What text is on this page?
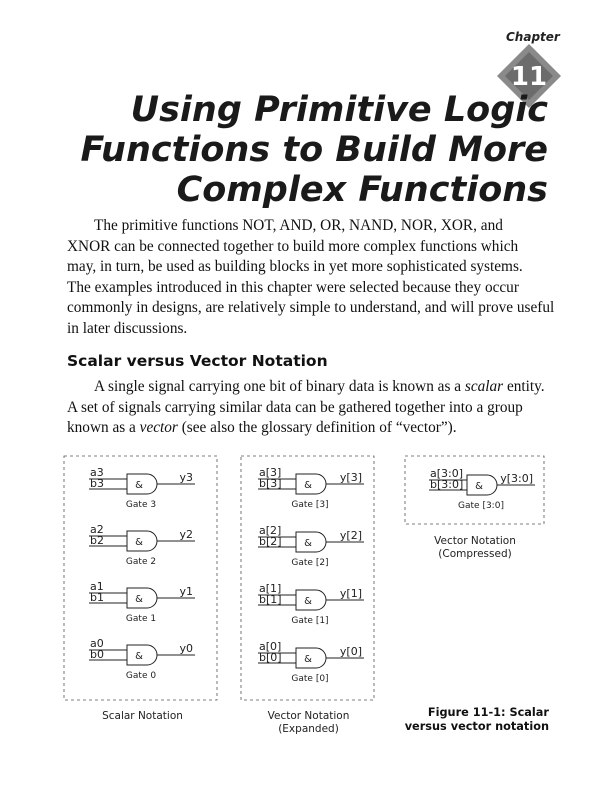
Chapter
11
Using Primitive Logic
Functions to Build More
Complex Functions
The primitive functions NOT, AND, OR, NAND, NOR, XOR, and
XNOR can be connected together to build more complex functions which
may, in turn, be used as building blocks in yet more sophisticated systems.
The examples introduced in this chapter were selected because they occur
commonly in designs, are relatively simple to understand, and will prove useful
in later discussions.
Scalar versus Vector Notation
A single signal carrying one bit of binary data is known as a scalar entity.
A set of signals carrying similar data can be gathered together into a group
known as a vector (see also the glossary definition of “vector”).
&
a3
b3	y3
Gate 3
&
a2
b2	y2
Gate 2
&
a1
b1	y1
Gate 1
&
a0
b0	y0
Gate 0
&
a[3]
b[3]	y[3]
Gate [3]
&
a[2]
b[2]	y[2]
Gate [2]
&
a[1]
b[1]	y[1]
Gate [1]
&
a[0]
b[0]	y[0]
Gate [0]
&
a[3:0]
b[3:0]	y[3:0]
Gate [3:0]
Scalar Notation	Vector Notation
(Expanded)
Vector Notation
(Compressed)
Figure 11-1: Scalar
versus vector notation
